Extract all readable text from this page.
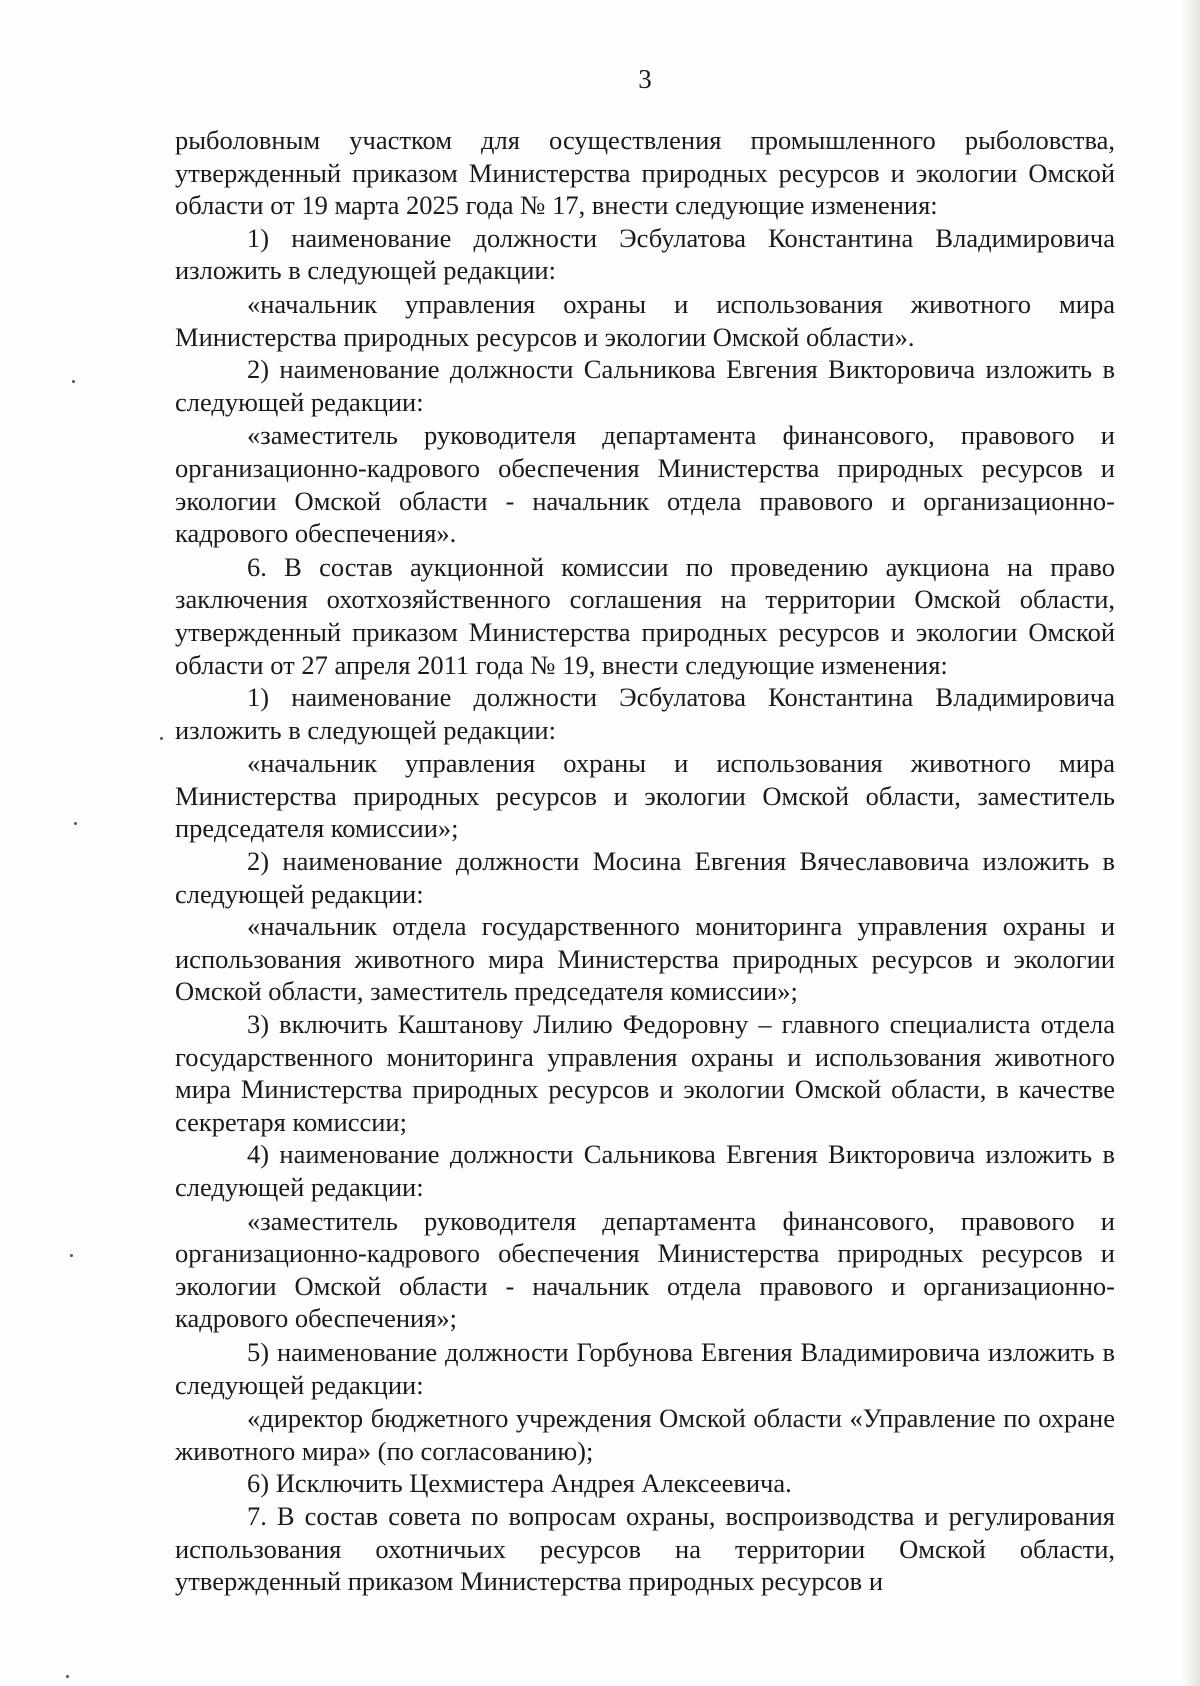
3

рыболовным участком для осуществления промышленного рыболовства, утвержденный приказом Министерства природных ресурсов и экологии Омской области от 19 марта 2025 года № 17, внести следующие изменения:

1) наименование должности Эсбулатова Константина Владимировича изложить в следующей редакции:

«начальник управления охраны и использования животного мира Министерства природных ресурсов и экологии Омской области».

2) наименование должности Сальникова Евгения Викторовича изложить в следующей редакции:

«заместитель руководителя департамента финансового, правового и организационно-кадрового обеспечения Министерства природных ресурсов и экологии Омской области - начальник отдела правового и организационно-кадрового обеспечения».

6. В состав аукционной комиссии по проведению аукциона на право заключения охотхозяйственного соглашения на территории Омской области, утвержденный приказом Министерства природных ресурсов и экологии Омской области от 27 апреля 2011 года № 19, внести следующие изменения:

1) наименование должности Эсбулатова Константина Владимировича изложить в следующей редакции:

«начальник управления охраны и использования животного мира Министерства природных ресурсов и экологии Омской области, заместитель председателя комиссии»;

2) наименование должности Мосина Евгения Вячеславовича изложить в следующей редакции:

«начальник отдела государственного мониторинга управления охраны и использования животного мира Министерства природных ресурсов и экологии Омской области, заместитель председателя комиссии»;

3) включить Каштанову Лилию Федоровну – главного специалиста отдела государственного мониторинга управления охраны и использования животного мира Министерства природных ресурсов и экологии Омской области, в качестве секретаря комиссии;

4) наименование должности Сальникова Евгения Викторовича изложить в следующей редакции:

«заместитель руководителя департамента финансового, правового и организационно-кадрового обеспечения Министерства природных ресурсов и экологии Омской области - начальник отдела правового и организационно-кадрового обеспечения»;

5) наименование должности Горбунова Евгения Владимировича изложить в следующей редакции:

«директор бюджетного учреждения Омской области «Управление по охране животного мира» (по согласованию);

6) Исключить Цехмистера Андрея Алексеевича.

7. В состав совета по вопросам охраны, воспроизводства и регулирования использования охотничьих ресурсов на территории Омской области, утвержденный приказом Министерства природных ресурсов и
